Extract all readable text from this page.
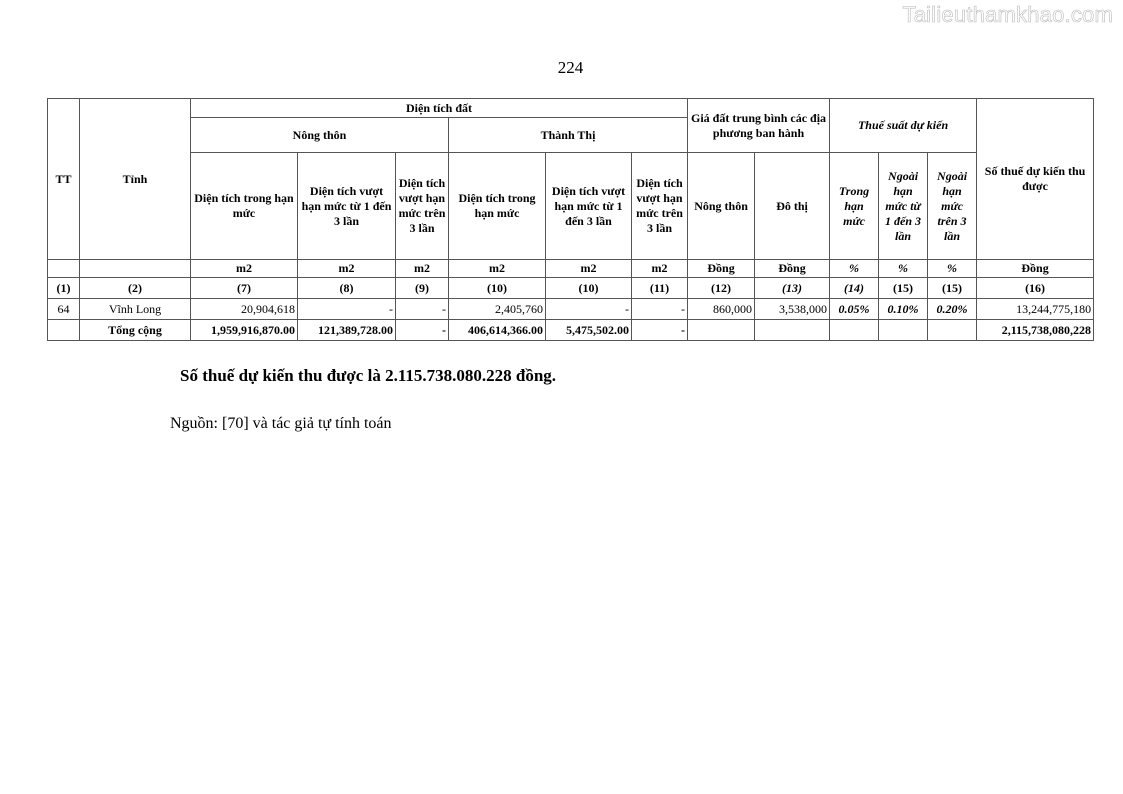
Tailieuthamkhao.com
224
TT	Tỉnh	Diện tích đất						Giá đất trung bình các địa phương ban hành		Thuế suất dự kiến			Số thuế dự kiến thu được
		Nông thôn			Thành Thị								
		Diện tích trong hạn mức	Diện tích vượt hạn mức từ 1 đến 3 lần	Diện tích vượt hạn mức trên 3 lần	Diện tích trong hạn mức	Diện tích vượt hạn mức từ 1 đến 3 lần	Diện tích vượt hạn mức trên 3 lần	Nông thôn	Đô thị	Trong hạn mức	Ngoài hạn mức từ 1 đến 3 lần	Ngoài hạn mức trên 3 lần	
		m2	m2	m2	m2	m2	m2	Đồng	Đồng	%	%	%	Đồng
(1)	(2)	(7)	(8)	(9)	(10)	(10)	(11)	(12)	(13)	(14)	(15)	(15)	(16)
64	Vĩnh Long	20,904,618	-	-	2,405,760	-	-	860,000	3,538,000	0.05%	0.10%	0.20%	13,244,775,180
	Tổng cộng	1,959,916,870.00	121,389,728.00	-	406,614,366.00	5,475,502.00	-						2,115,738,080,228
Số thuế dự kiến thu được là 2.115.738.080.228 đồng.
Nguồn: [70] và tác giả tự tính toán
